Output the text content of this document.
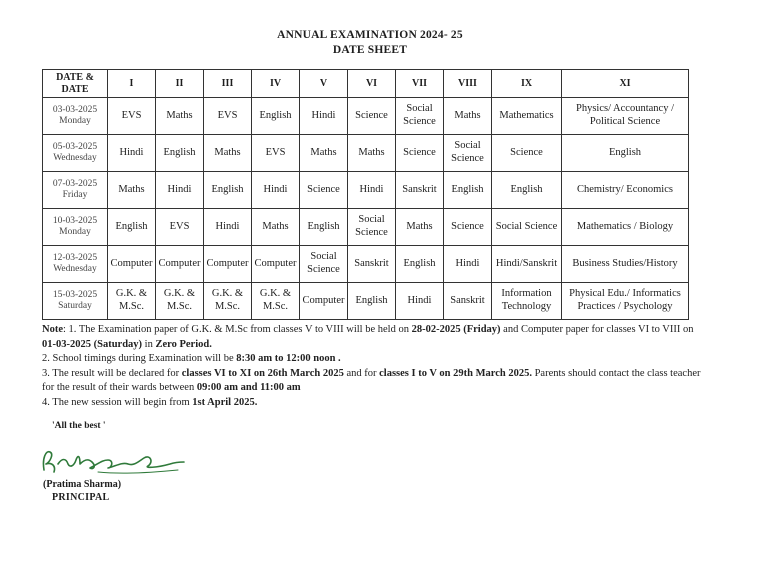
ANNUAL EXAMINATION 2024- 25
DATE SHEET
DATE & DATE	I	II	III	IV	V	VI	VII	VIII	IX	XI

03-03-2025
Monday	EVS	Maths	EVS	English	Hindi	Science	Social Science	Maths	Mathematics	Physics/ Accountancy / Political Science

05-03-2025
Wednesday	Hindi	English	Maths	EVS	Maths	Maths	Science	Social Science	Science	English

07-03-2025
Friday	Maths	Hindi	English	Hindi	Science	Hindi	Sanskrit	English	English	Chemistry/ Economics

10-03-2025
Monday	English	EVS	Hindi	Maths	English	Social Science	Maths	Science	Social Science	Mathematics / Biology

12-03-2025
Wednesday	Computer	Computer	Computer	Computer	Social Science	Sanskrit	English	Hindi	Hindi/Sanskrit	Business Studies/History

15-03-2025
Saturday	G.K. & M.Sc.	G.K. & M.Sc.	G.K. & M.Sc.	G.K. & M.Sc.	Computer	English	Hindi	Sanskrit	Information Technology	Physical Edu./ Informatics Practices / Psychology

Note: 1. The Examination paper of G.K. & M.Sc from classes V to VIII will be held on 28-02-2025 (Friday) and Computer paper for classes VI to VIII on 01-03-2025 (Saturday) in Zero Period.

2. School timings during Examination will be 8:30 am to 12:00 noon .

3. The result will be declared for classes VI to XI on 26th March 2025 and for classes I to V on 29th March 2025. Parents should contact the class teacher for the result of their wards between 09:00 am and 11:00 am

4. The new session will begin from 1st April 2025.

'All the best '
(Pratima Sharma)
PRINCIPAL
